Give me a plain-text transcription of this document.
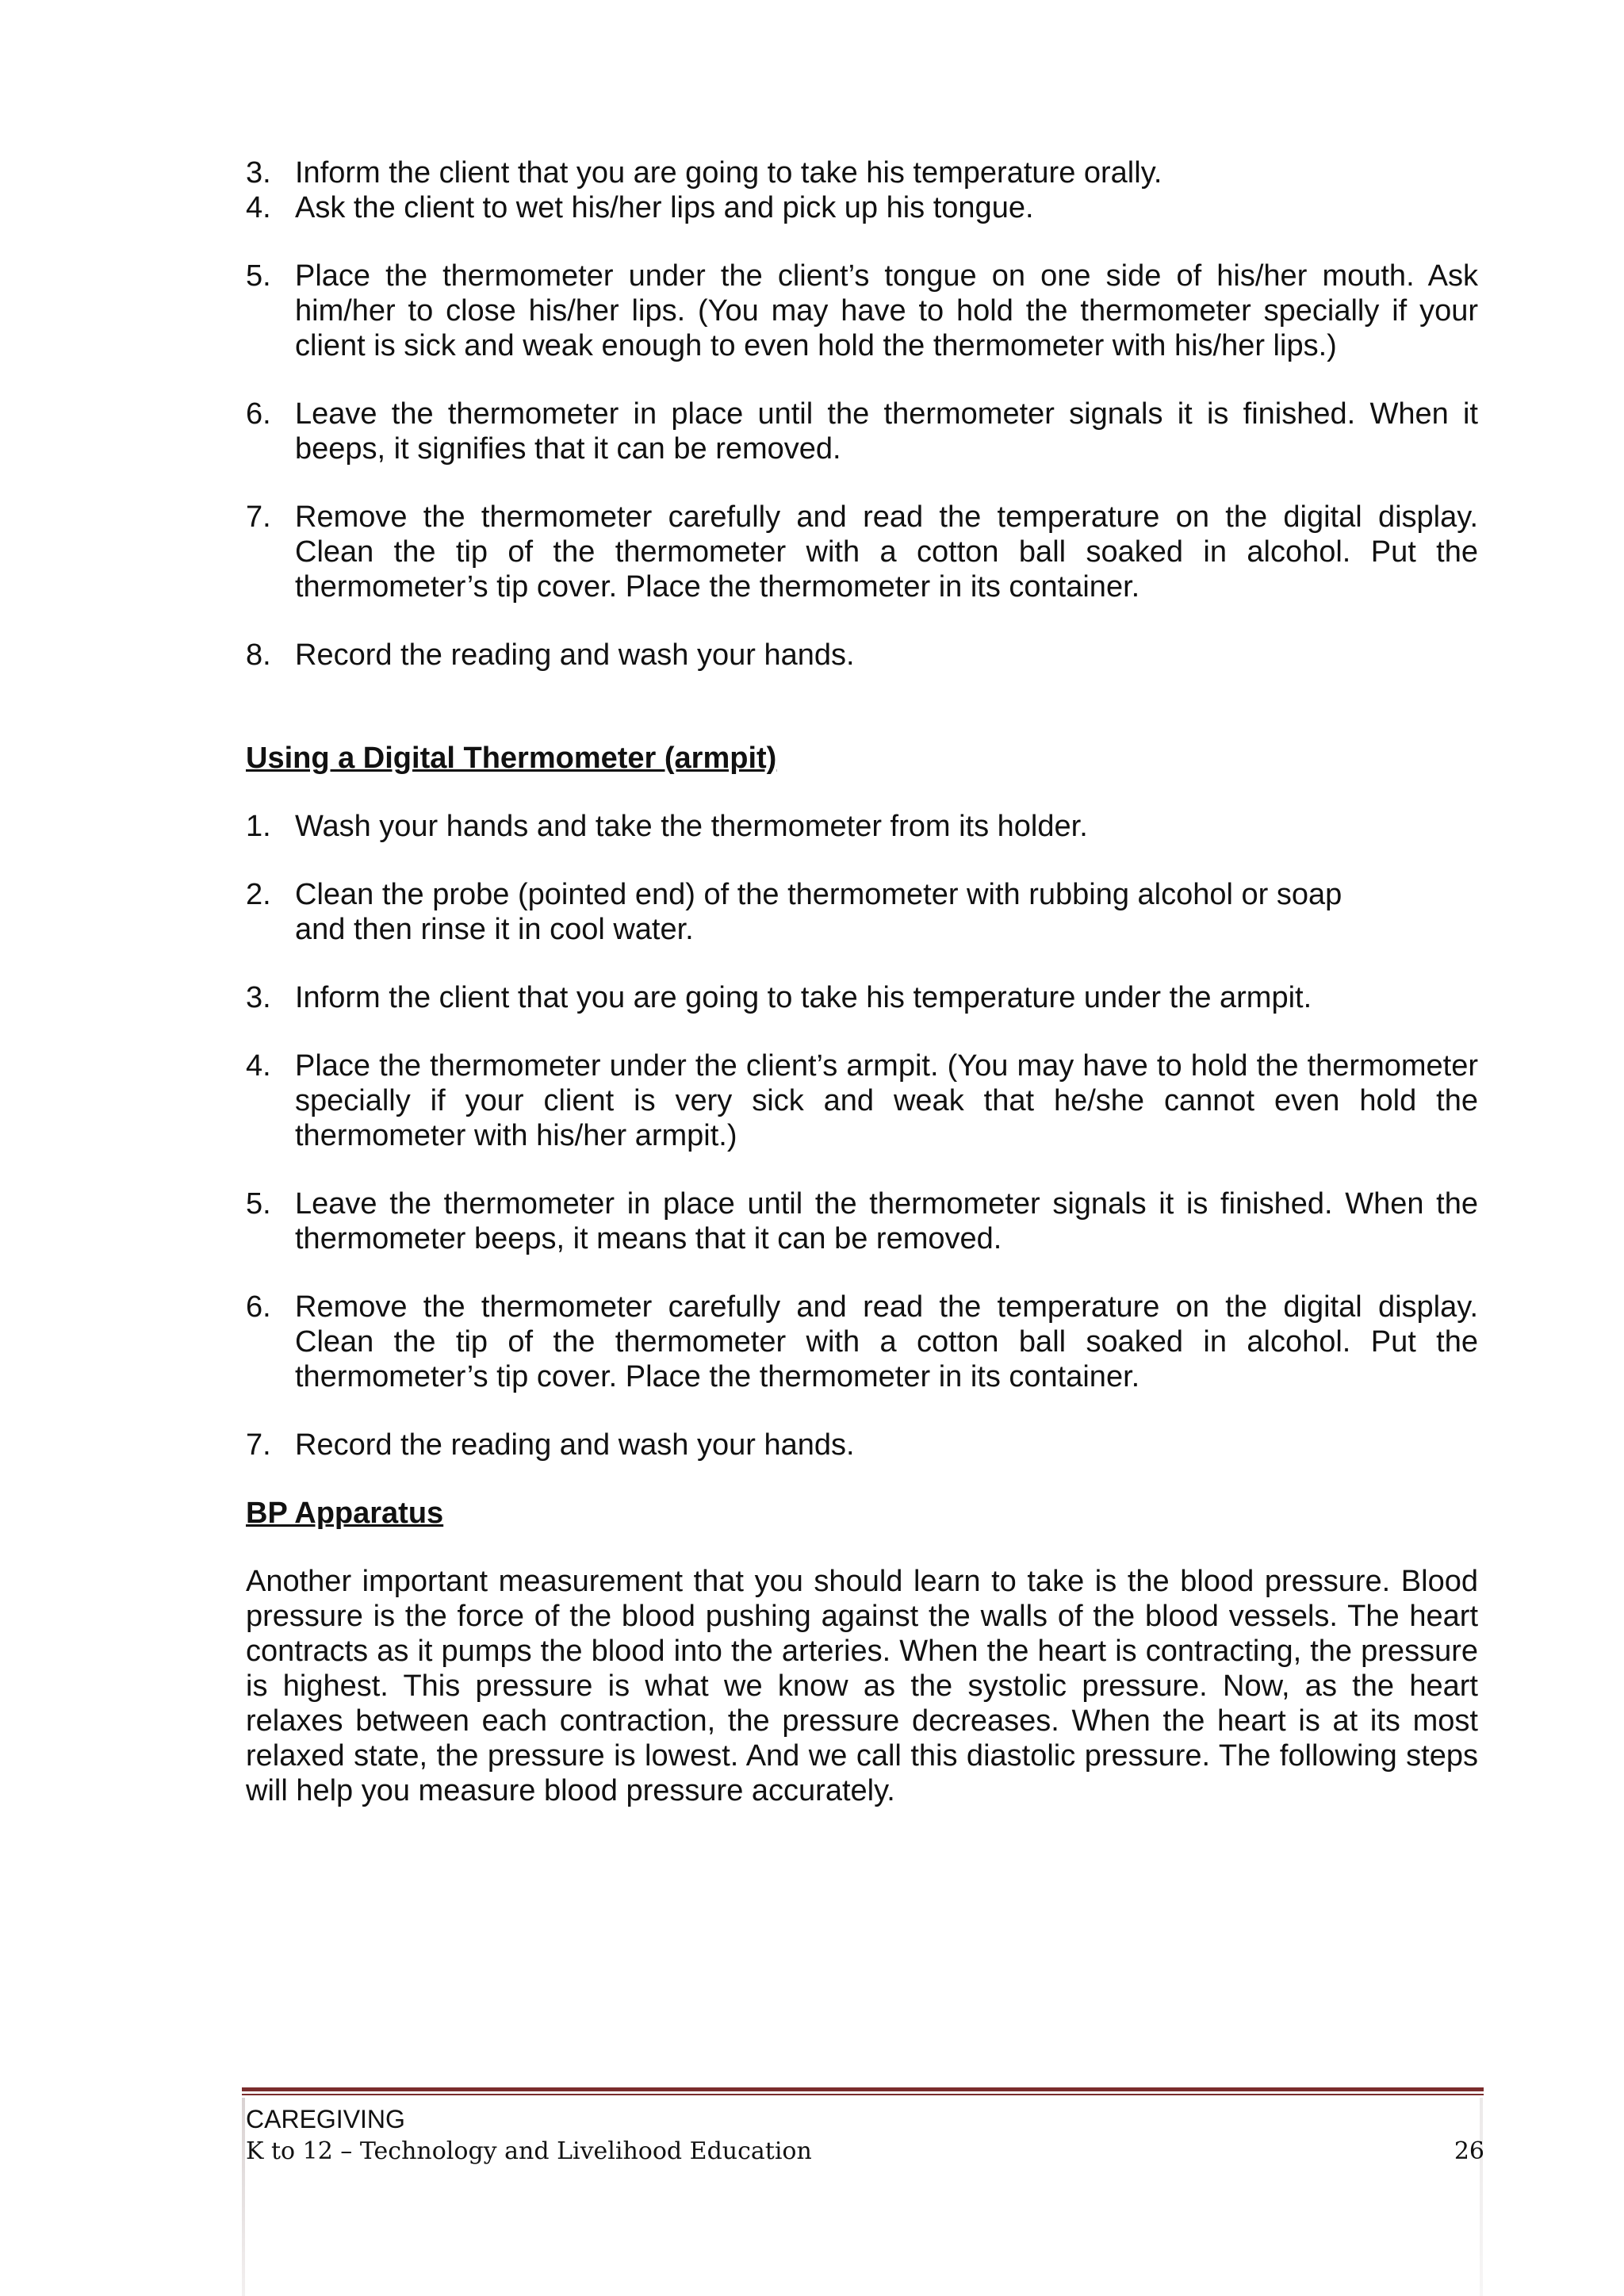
3. Inform the client that you are going to take his temperature orally.
4. Ask the client to wet his/her lips and pick up his tongue.
5. Place the thermometer under the client’s tongue on one side of his/her mouth. Ask him/her to close his/her lips. (You may have to hold the thermometer specially if your client is sick and weak enough to even hold the thermometer with his/her lips.)
6. Leave the thermometer in place until the thermometer signals it is finished. When it beeps, it signifies that it can be removed.
7. Remove the thermometer carefully and read the temperature on the digital display. Clean the tip of the thermometer with a cotton ball soaked in alcohol. Put the thermometer’s tip cover. Place the thermometer in its container.
8. Record the reading and wash your hands.
Using a Digital Thermometer (armpit)
1. Wash your hands and take the thermometer from its holder.
2. Clean the probe (pointed end) of the thermometer with rubbing alcohol or soap and then rinse it in cool water.
3. Inform the client that you are going to take his temperature under the armpit.
4. Place the thermometer under the client’s armpit. (You may have to hold the thermometer specially if your client is very sick and weak that he/she cannot even hold the thermometer with his/her armpit.)
5. Leave the thermometer in place until the thermometer signals it is finished. When the thermometer beeps, it means that it can be removed.
6. Remove the thermometer carefully and read the temperature on the digital display. Clean the tip of the thermometer with a cotton ball soaked in alcohol. Put the thermometer’s tip cover. Place the thermometer in its container.
7. Record the reading and wash your hands.
BP Apparatus
Another important measurement that you should learn to take is the blood pressure. Blood pressure is the force of the blood pushing against the walls of the blood vessels. The heart contracts as it pumps the blood into the arteries. When the heart is contracting, the pressure is highest. This pressure is what we know as the systolic pressure. Now, as the heart relaxes between each contraction, the pressure decreases. When the heart is at its most relaxed state, the pressure is lowest. And we call this diastolic pressure. The following steps will help you measure blood pressure accurately.
CAREGIVING
K to 12 – Technology and Livelihood Education	26
